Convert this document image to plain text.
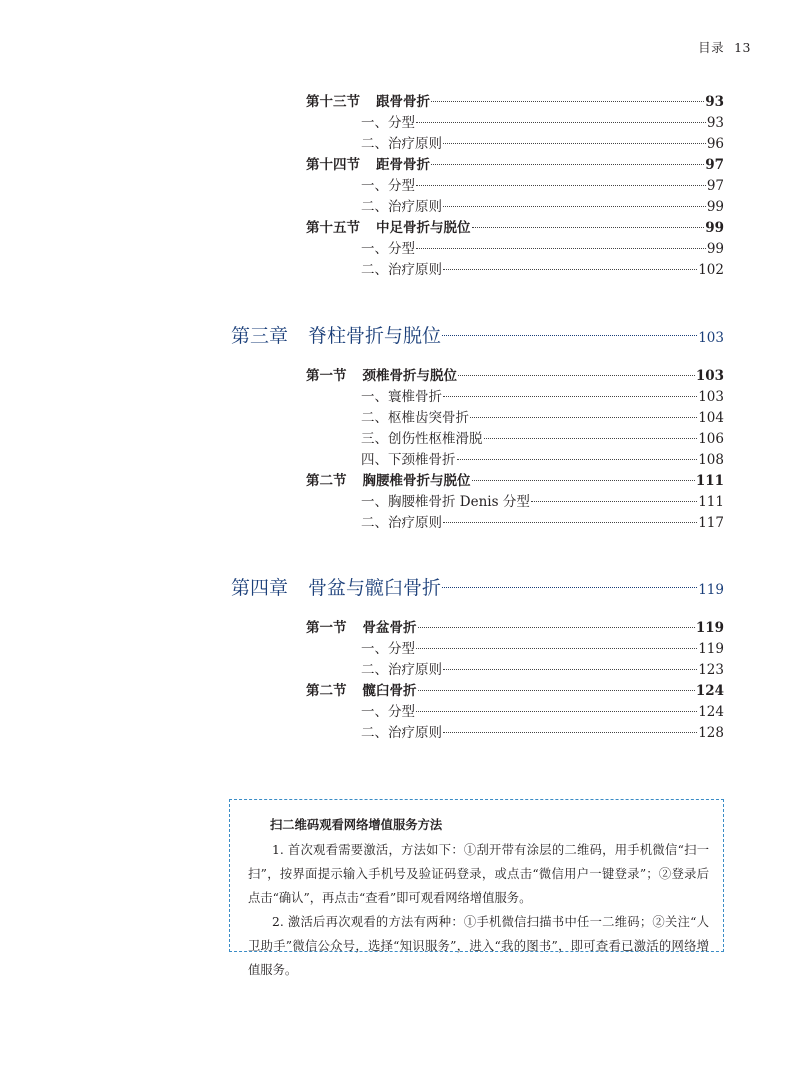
目录 13
第十三节 跟骨骨折	93
一、分型	93
二、治疗原则	96
第十四节 距骨骨折	97
一、分型	97
二、治疗原则	99
第十五节 中足骨折与脱位	99
一、分型	99
二、治疗原则	102
第三章 脊柱骨折与脱位	103
第一节 颈椎骨折与脱位	103
一、寰椎骨折	103
二、枢椎齿突骨折	104
三、创伤性枢椎滑脱	106
四、下颈椎骨折	108
第二节 胸腰椎骨折与脱位	111
一、胸腰椎骨折 Denis 分型	111
二、治疗原则	117
第四章 骨盆与髋臼骨折	119
第一节 骨盆骨折	119
一、分型	119
二、治疗原则	123
第二节 髋臼骨折	124
一、分型	124
二、治疗原则	128
扫二维码观看网络增值服务方法

1. 首次观看需要激活，方法如下：①刮开带有涂层的二维码，用手机微信“扫一扫”，按界面提示输入手机号及验证码登录，或点击“微信用户一键登录”；②登录后点击“确认”，再点击“查看”即可观看网络增值服务。

2. 激活后再次观看的方法有两种：①手机微信扫描书中任一二维码；②关注“人卫助手”微信公众号，选择“知识服务”，进入“我的图书”，即可查看已激活的网络增值服务。
